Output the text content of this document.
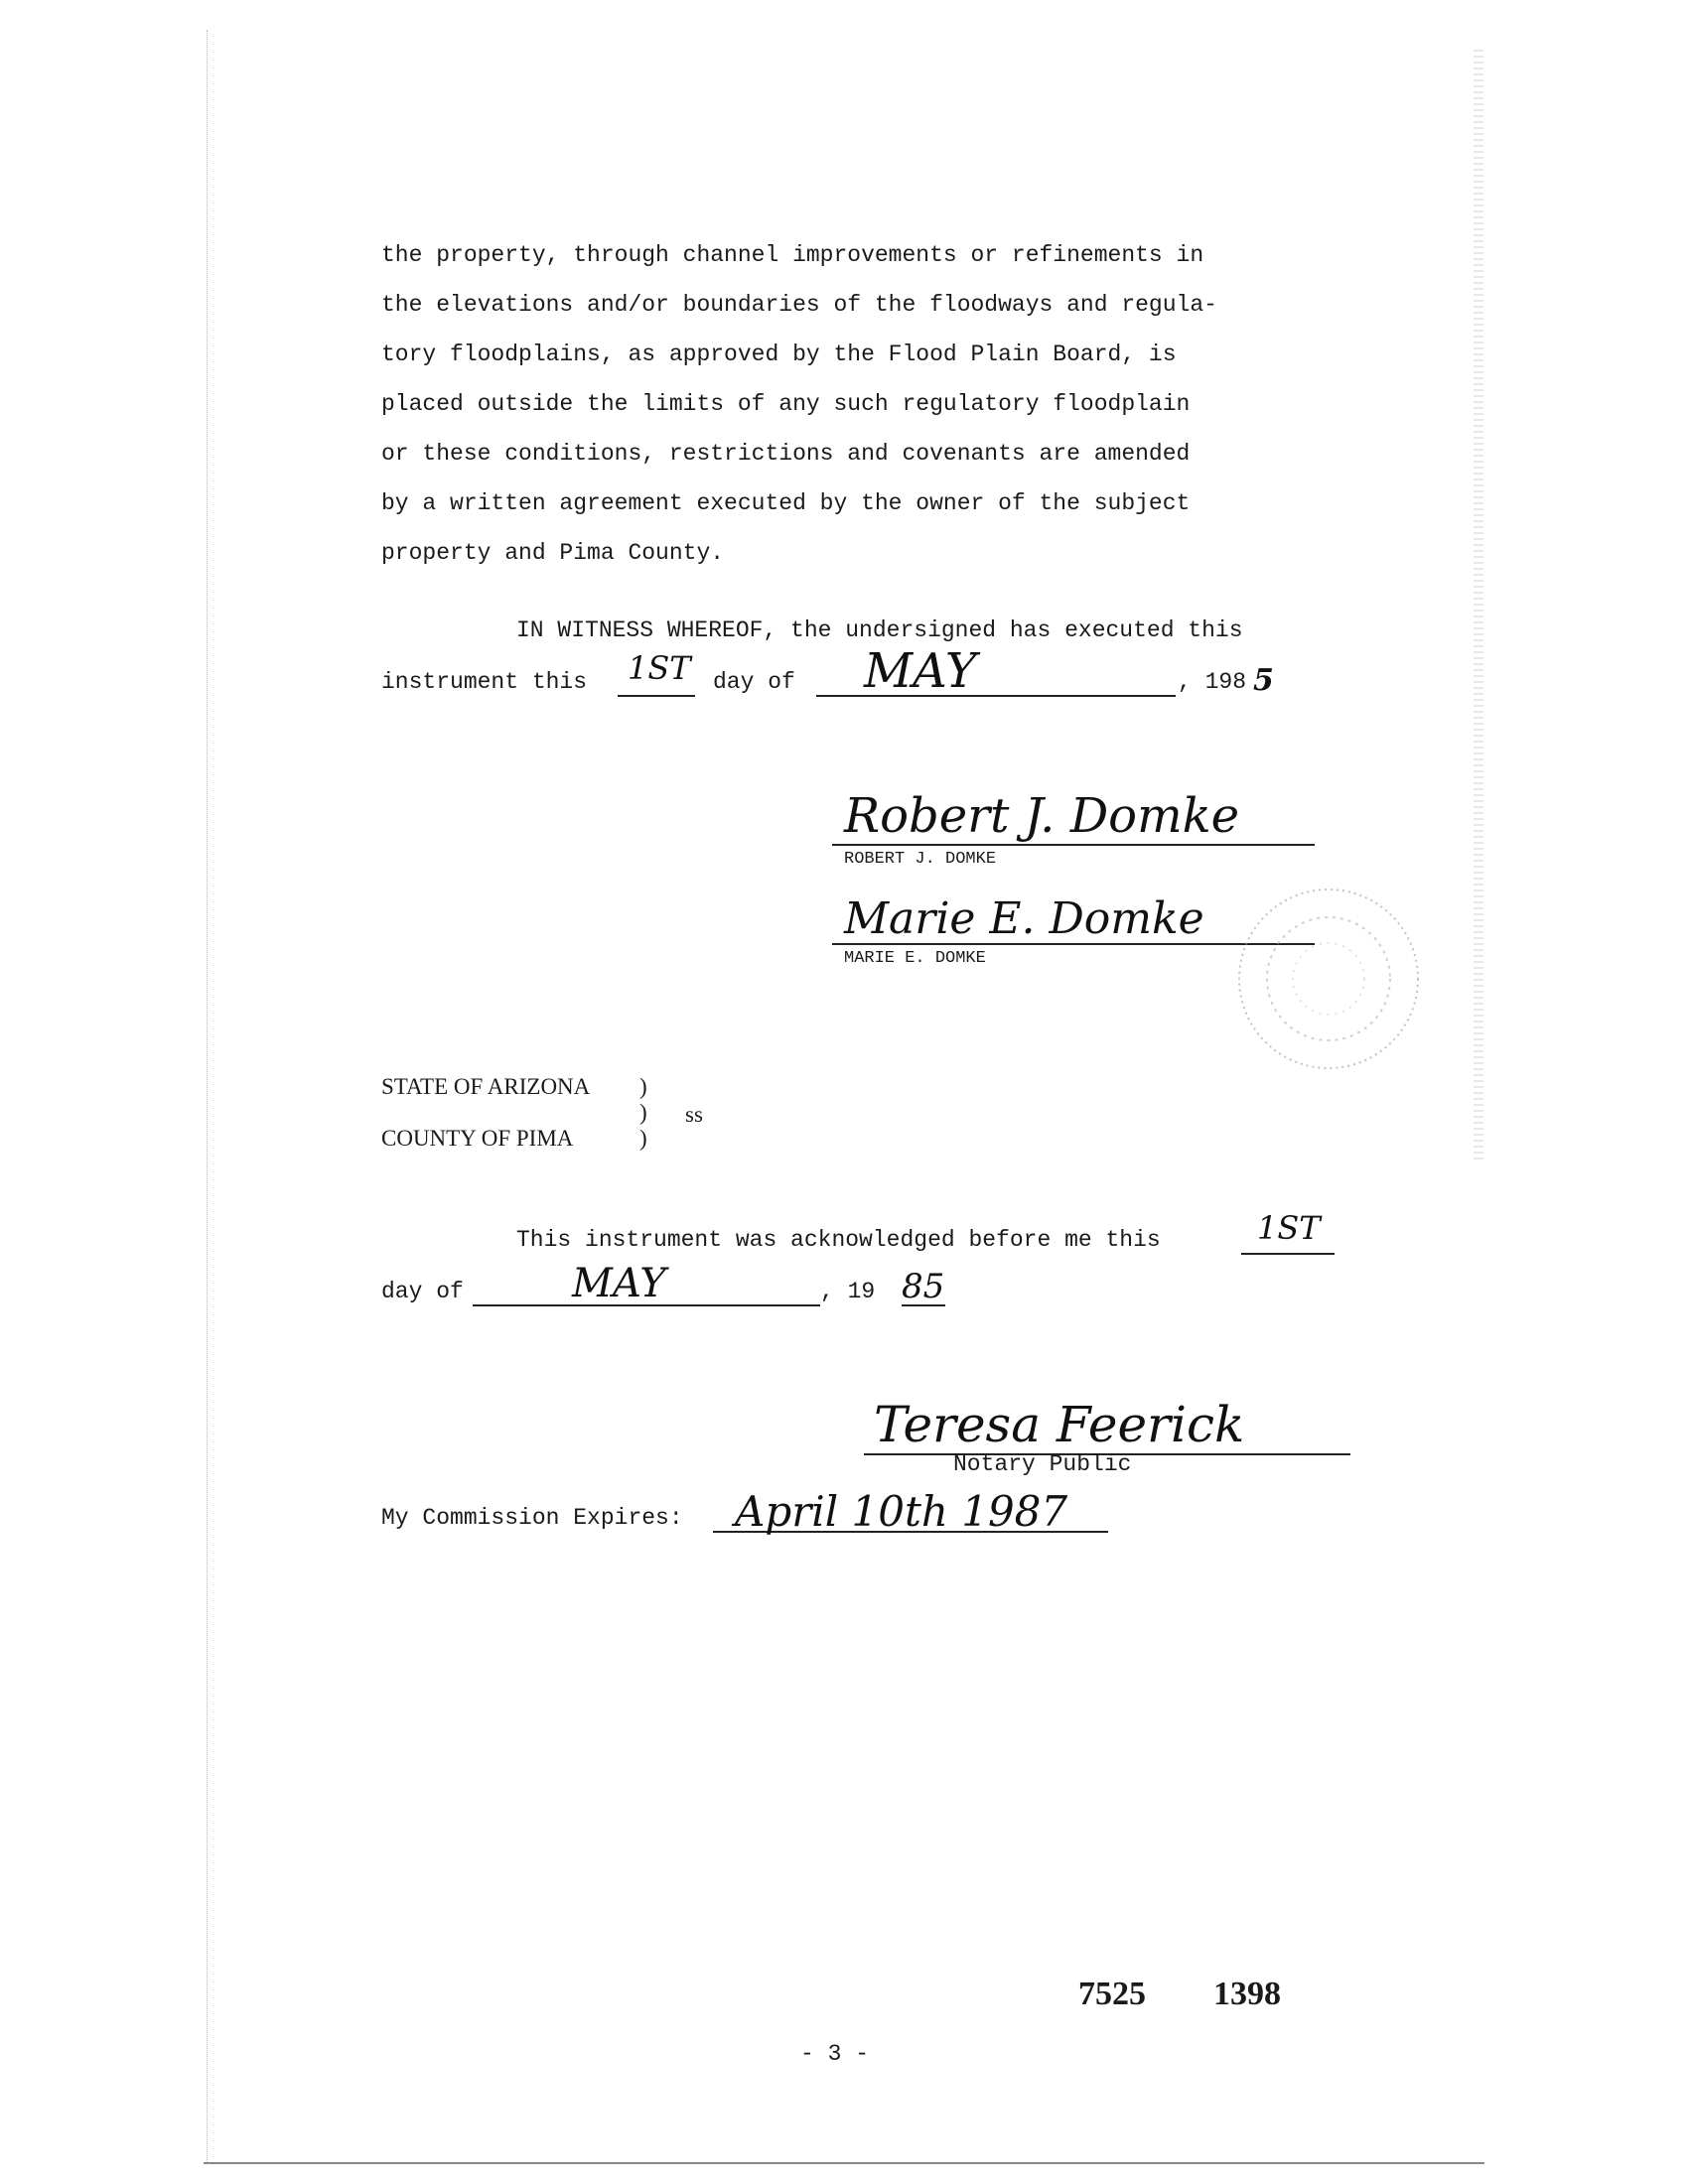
the property, through channel improvements or refinements in
the elevations and/or boundaries of the floodways and regula-
tory floodplains, as approved by the Flood Plain Board, is
placed outside the limits of any such regulatory floodplain
or these conditions, restrictions and covenants are amended
by a written agreement executed by the owner of the subject
property and Pima County.
IN WITNESS WHEREOF, the undersigned has executed this
instrument this 1ST day of MAY	, 198 5
Robert J. Domke
ROBERT J. DOMKE
Marie E. Domke
MARIE E. DOMKE
STATE OF ARIZONA )
) ss
COUNTY OF PIMA	)
This instrument was acknowledged before me this	1ST
day of	MAY	, 19 85
Teresa Feerick
Notary Public
My Commission Expires: April 10th 1987
7525 1398
- 3 -
